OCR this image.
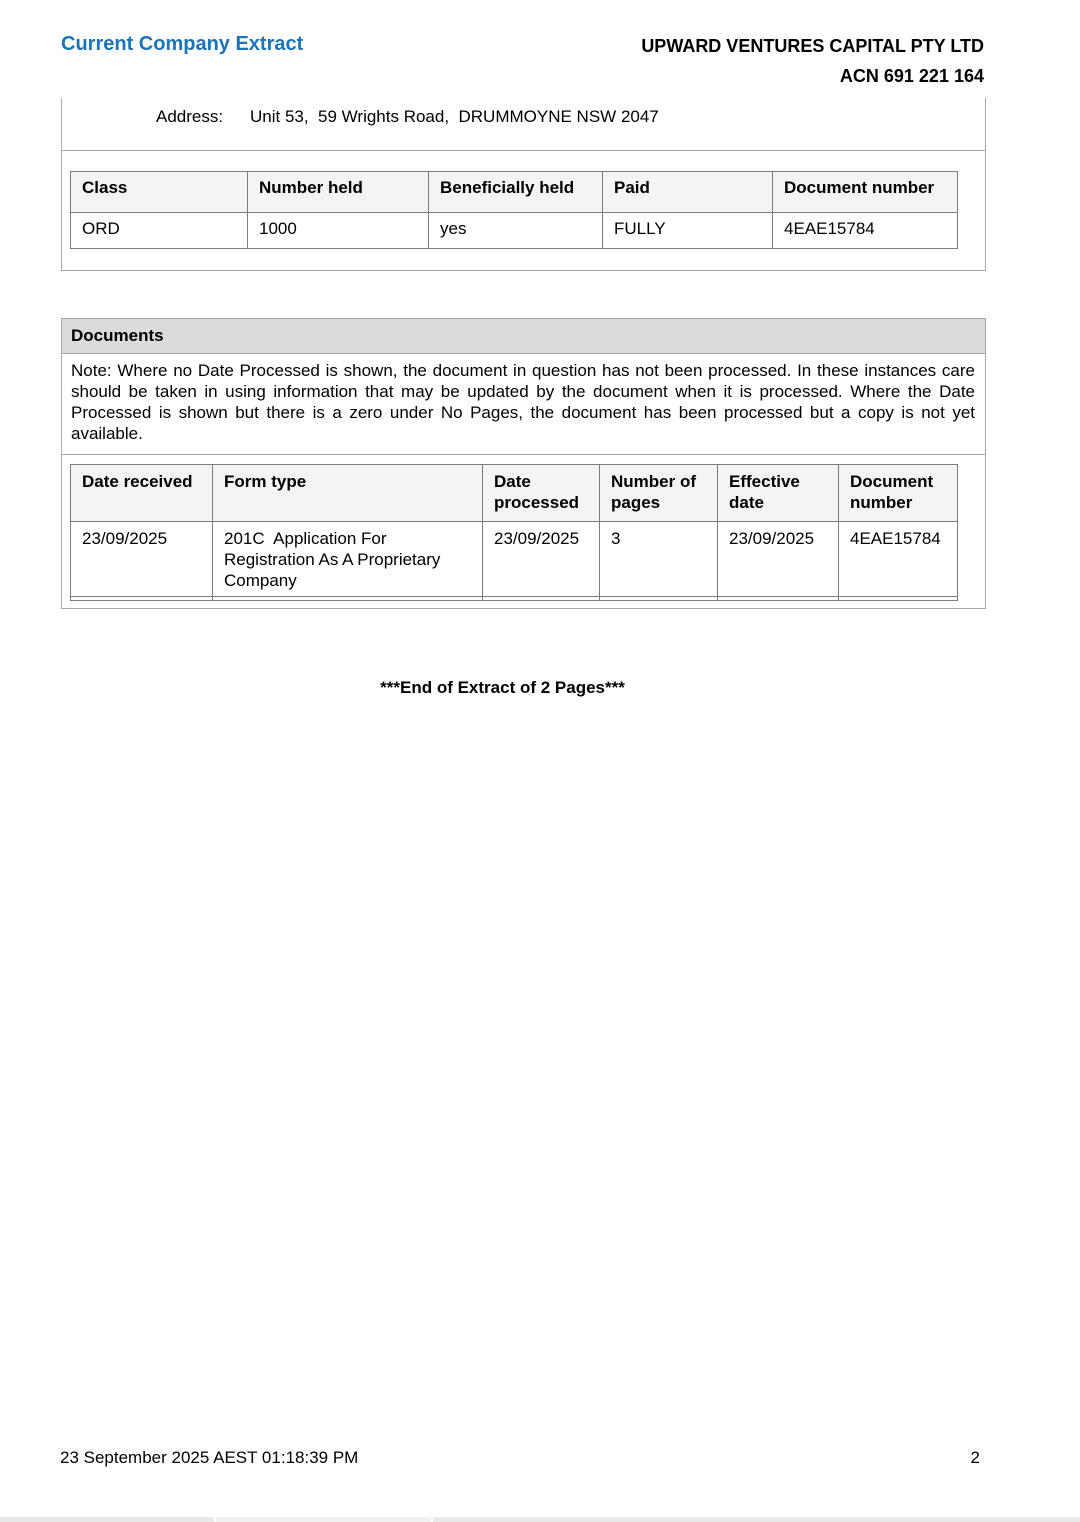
Current Company Extract	UPWARD VENTURES CAPITAL PTY LTD
ACN 691 221 164
Address: Unit 53,  59 Wrights Road,  DRUMMOYNE NSW 2047
Class	Number held	Beneficially held	Paid	Document number
ORD	1000	yes	FULLY	4EAE15784
Documents
Note: Where no Date Processed is shown, the document in question has not been processed. In these instances care should be taken in using information that may be updated by the document when it is processed. Where the Date Processed is shown but there is a zero under No Pages, the document has been processed but a copy is not yet available.
Date received	Form type	Date processed	Number of pages	Effective date	Document number
23/09/2025	201C  Application For Registration As A Proprietary Company	23/09/2025	3	23/09/2025	4EAE15784

***End of Extract of 2 Pages***
23 September 2025 AEST 01:18:39 PM	2
